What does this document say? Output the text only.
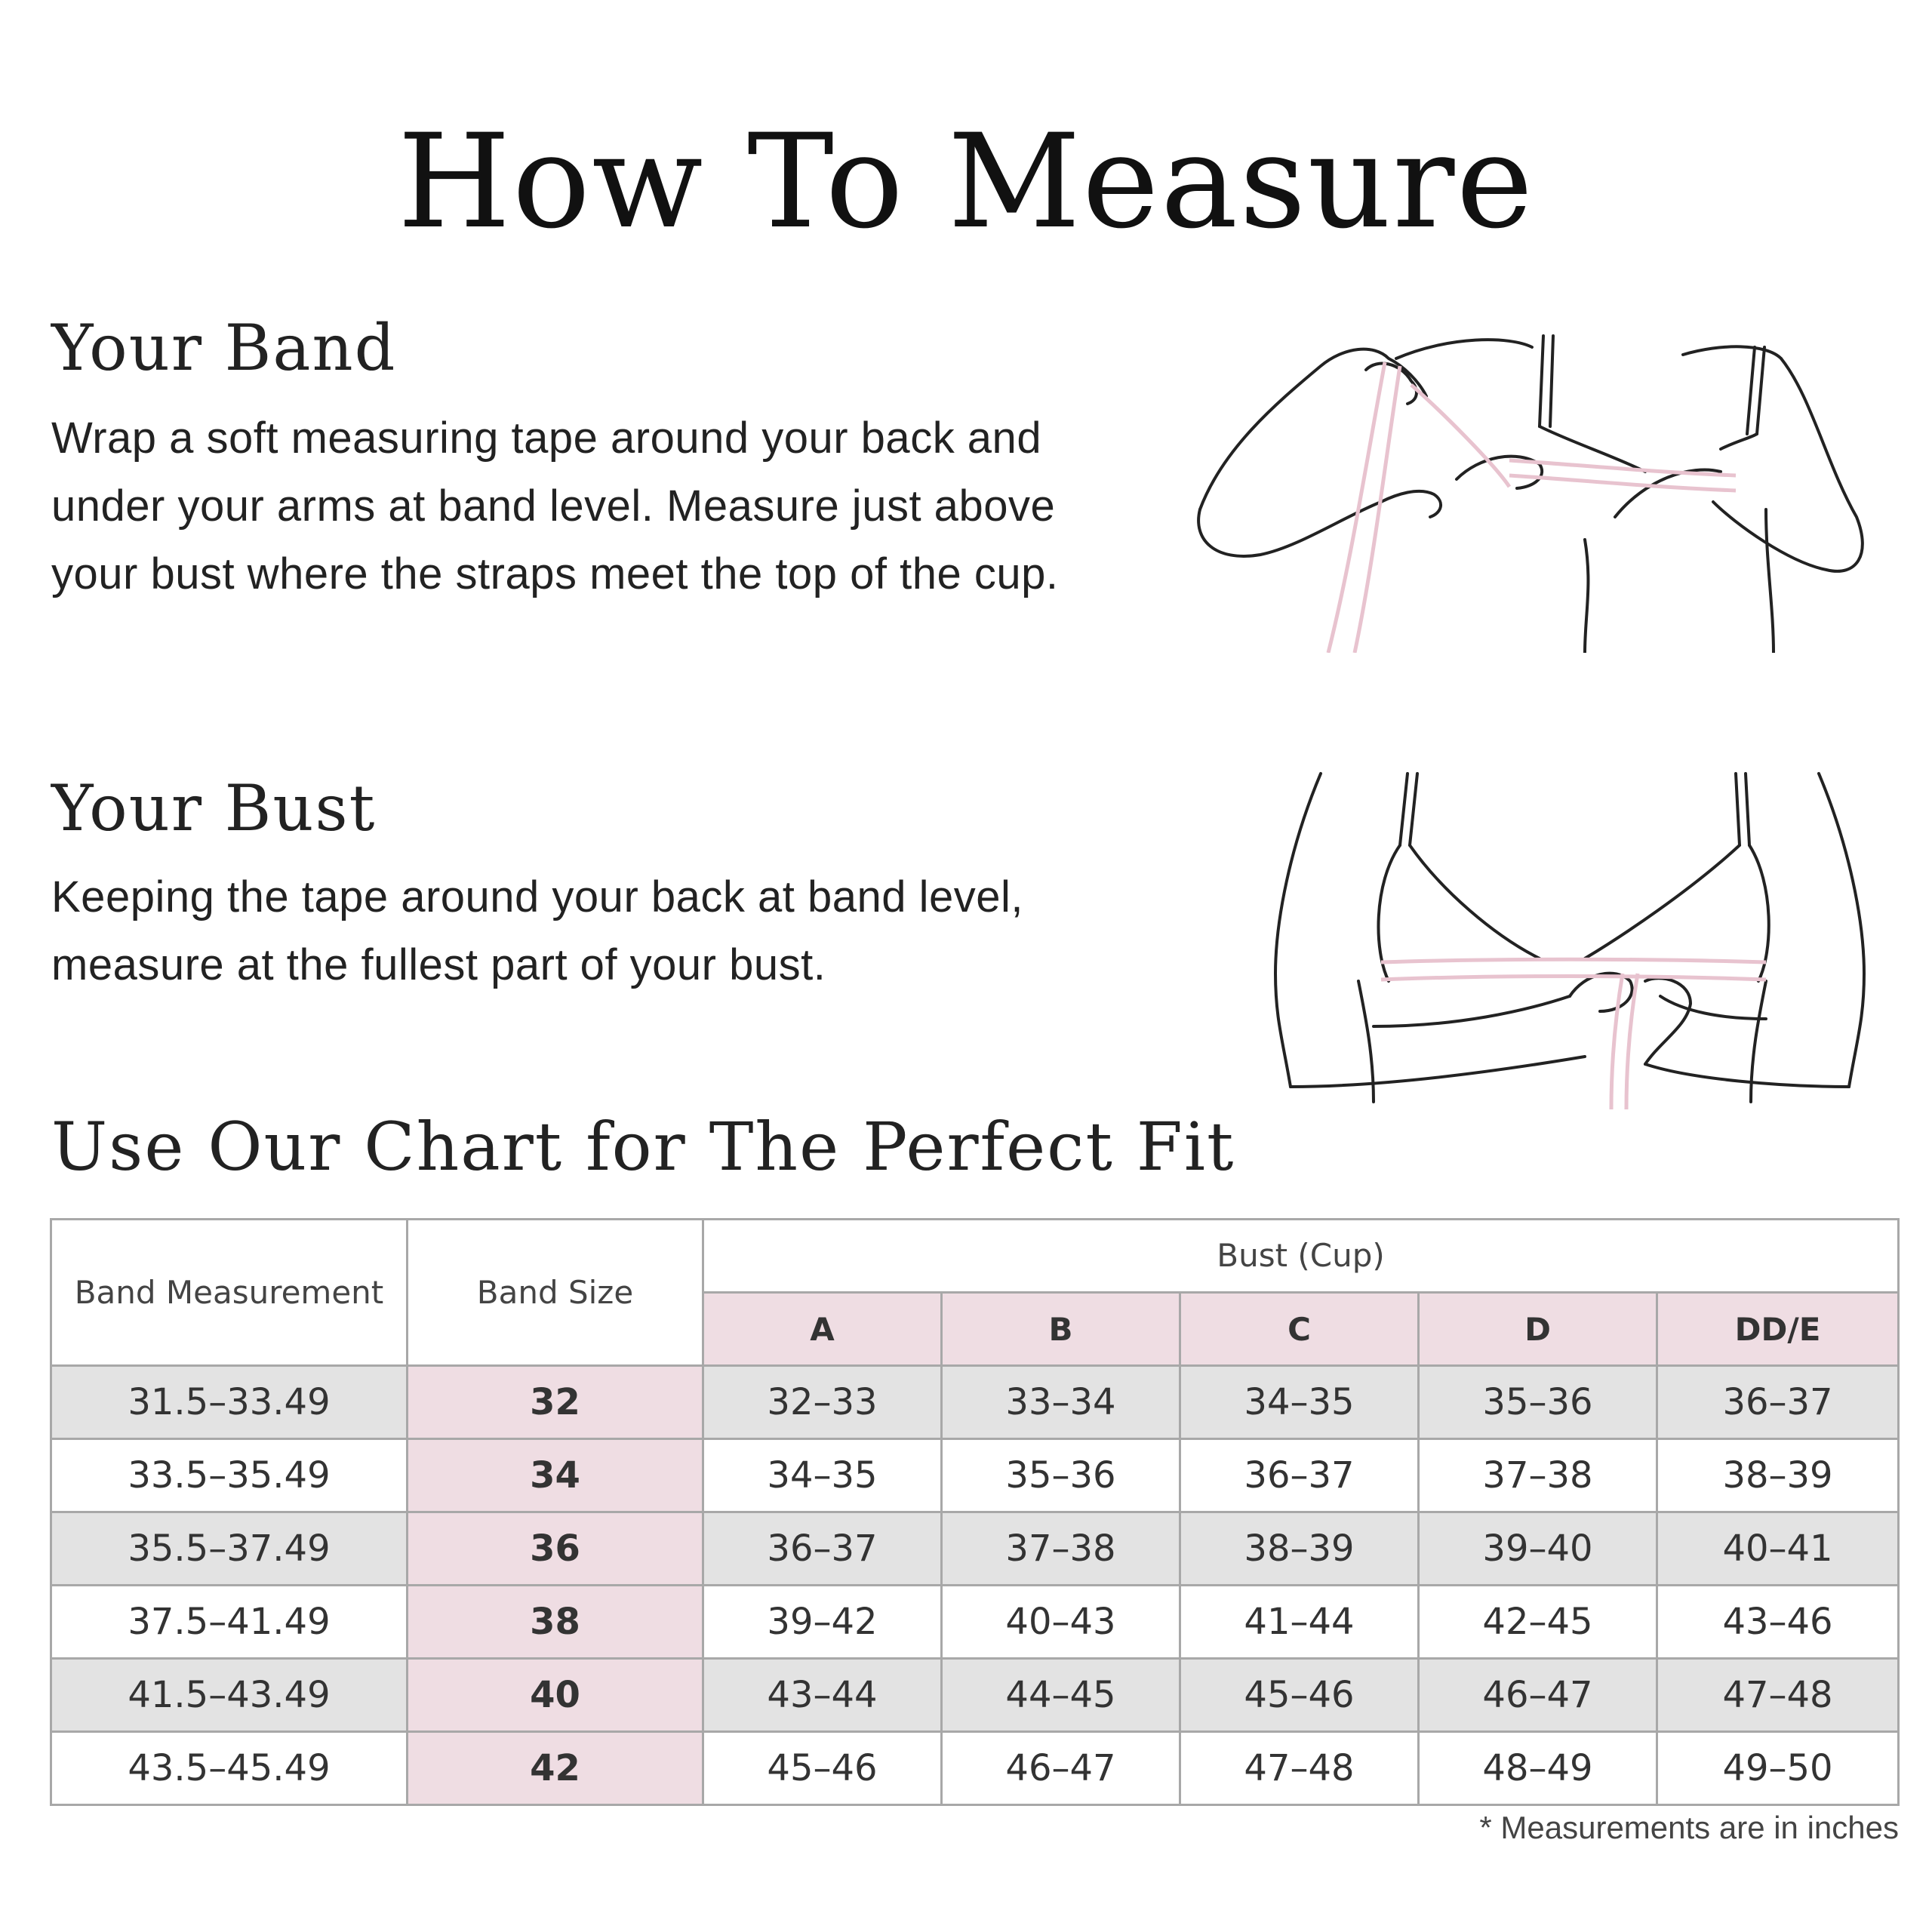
How To Measure
Your Band
Wrap a soft measuring tape around your back and under your arms at band level. Measure just above your bust where the straps meet the top of the cup.
Your Bust
Keeping the tape around your back at band level, measure at the fullest part of your bust.
Use Our Chart for The Perfect Fit
Band Measurement	Band Size	Bust (Cup)				
		A	B	C	D	DD/E
31.5–33.49	32	32–33	33–34	34–35	35–36	36–37
33.5–35.49	34	34–35	35–36	36–37	37–38	38–39
35.5–37.49	36	36–37	37–38	38–39	39–40	40–41
37.5–41.49	38	39–42	40–43	41–44	42–45	43–46
41.5–43.49	40	43–44	44–45	45–46	46–47	47–48
43.5–45.49	42	45–46	46–47	47–48	48–49	49–50
* Measurements are in inches
